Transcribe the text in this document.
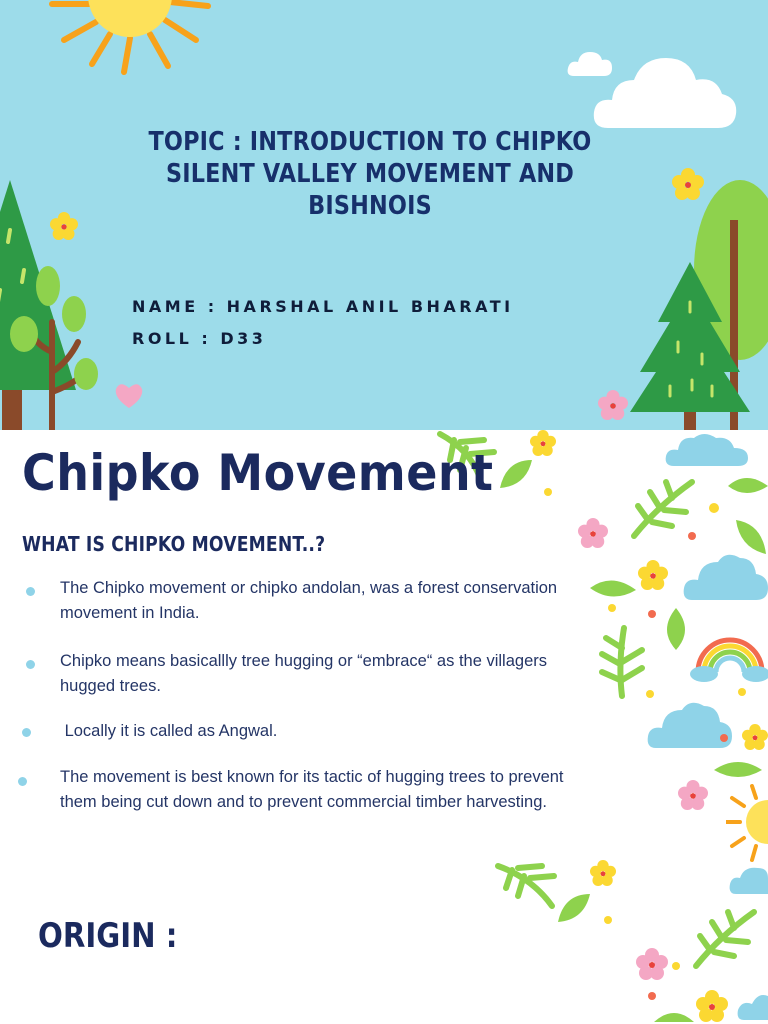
TOPIC : INTRODUCTION TO CHIPKO
SILENT VALLEY MOVEMENT AND
BISHNOIS
NAME : HARSHAL ANIL BHARATI
ROLL : D33
Chipko Movement
WHAT IS CHIPKO MOVEMENT..?
The Chipko movement or chipko andolan, was a forest conservation movement in India.
Chipko means basicallly tree hugging or “embrace“ as the villagers hugged trees.
Locally it is called as Angwal.
The movement is best known for its tactic of hugging trees to prevent them being cut down and to prevent commercial timber harvesting.
ORIGIN :
